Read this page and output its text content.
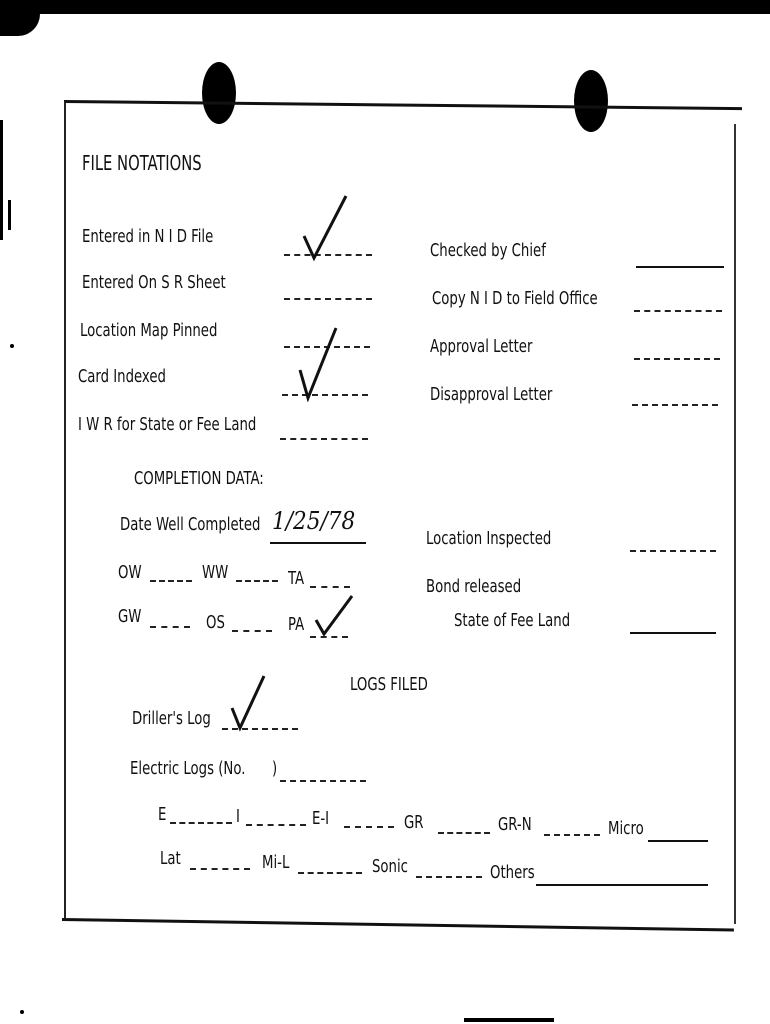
FILE NOTATIONS
Entered in N I D File
Entered On S R Sheet
Location Map Pinned
Card Indexed
I W R for State or Fee Land
Checked by Chief
Copy N I D to Field Office
Approval Letter
Disapproval Letter
COMPLETION DATA:
Date Well Completed 1/25/78
OW	WW	TA
GW	OS	PA
Location Inspected
Bond released
State of Fee Land
LOGS FILED
Driller's Log
Electric Logs (No. )
E	I	E-I	GR	GR-N	Micro
Lat	Mi-L	Sonic	Others
